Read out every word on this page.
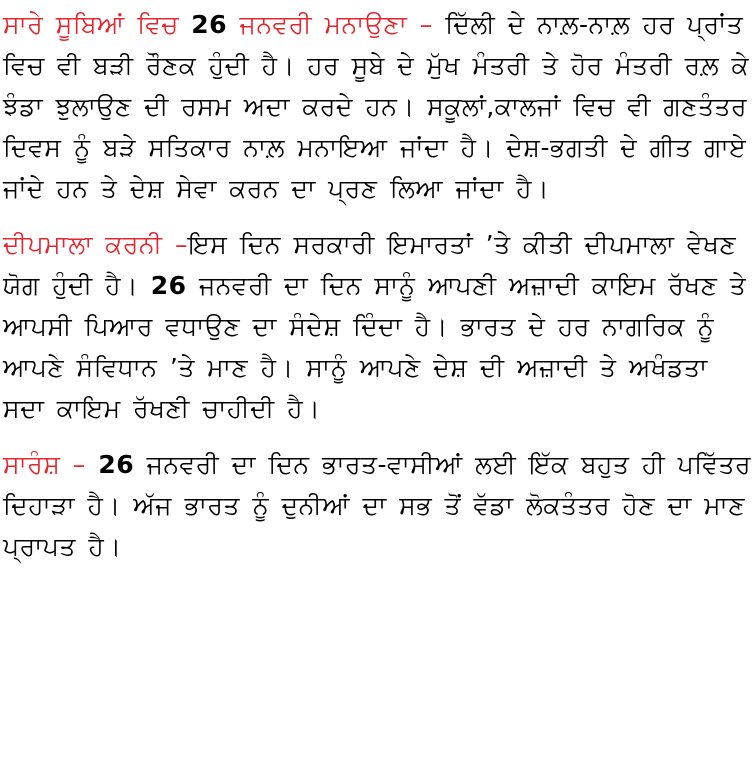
ਸਾਰੇ ਸੂਬਿਆਂ ਵਿਚ 26 ਜਨਵਰੀ ਮਨਾਉਣਾ – ਦਿੱਲੀ ਦੇ ਨਾਲ਼-ਨਾਲ਼ ਹਰ ਪ੍ਰਾਂਤ ਵਿਚ ਵੀ ਬੜੀ ਰੌਣਕ ਹੁੰਦੀ ਹੈ। ਹਰ ਸੂਬੇ ਦੇ ਮੁੱਖ ਮੰਤਰੀ ਤੇ ਹੋਰ ਮੰਤਰੀ ਰਲ਼ ਕੇ ਝੰਡਾ ਝੁਲਾਉਣ ਦੀ ਰਸਮ ਅਦਾ ਕਰਦੇ ਹਨ। ਸਕੂਲਾਂ,ਕਾਲਜਾਂ ਵਿਚ ਵੀ ਗਣਤੰਤਰ ਦਿਵਸ ਨੂੰ ਬੜੇ ਸਤਿਕਾਰ ਨਾਲ਼ ਮਨਾਇਆ ਜਾਂਦਾ ਹੈ। ਦੇਸ਼-ਭਗਤੀ ਦੇ ਗੀਤ ਗਾਏ ਜਾਂਦੇ ਹਨ ਤੇ ਦੇਸ਼ ਸੇਵਾ ਕਰਨ ਦਾ ਪ੍ਰਣ ਲਿਆ ਜਾਂਦਾ ਹੈ।

ਦੀਪਮਾਲਾ ਕਰਨੀ –ਇਸ ਦਿਨ ਸਰਕਾਰੀ ਇਮਾਰਤਾਂ ’ਤੇ ਕੀਤੀ ਦੀਪਮਾਲਾ ਵੇਖਣ ਯੋਗ ਹੁੰਦੀ ਹੈ। 26 ਜਨਵਰੀ ਦਾ ਦਿਨ ਸਾਨੂੰ ਆਪਣੀ ਅਜ਼ਾਦੀ ਕਾਇਮ ਰੱਖਣ ਤੇ ਆਪਸੀ ਪਿਆਰ ਵਧਾਉਣ ਦਾ ਸੰਦੇਸ਼ ਦਿੰਦਾ ਹੈ। ਭਾਰਤ ਦੇ ਹਰ ਨਾਗਰਿਕ ਨੂੰ ਆਪਣੇ ਸੰਵਿਧਾਨ ’ਤੇ ਮਾਣ ਹੈ। ਸਾਨੂੰ ਆਪਣੇ ਦੇਸ਼ ਦੀ ਅਜ਼ਾਦੀ ਤੇ ਅਖੰਡਤਾ ਸਦਾ ਕਾਇਮ ਰੱਖਣੀ ਚਾਹੀਦੀ ਹੈ।

ਸਾਰੰਸ਼ – 26 ਜਨਵਰੀ ਦਾ ਦਿਨ ਭਾਰਤ-ਵਾਸੀਆਂ ਲਈ ਇੱਕ ਬਹੁਤ ਹੀ ਪਵਿੱਤਰ ਦਿਹਾੜਾ ਹੈ। ਅੱਜ ਭਾਰਤ ਨੂੰ ਦੁਨੀਆਂ ਦਾ ਸਭ ਤੋਂ ਵੱਡਾ ਲੋਕਤੰਤਰ ਹੋਣ ਦਾ ਮਾਣ ਪ੍ਰਾਪਤ ਹੈ।
